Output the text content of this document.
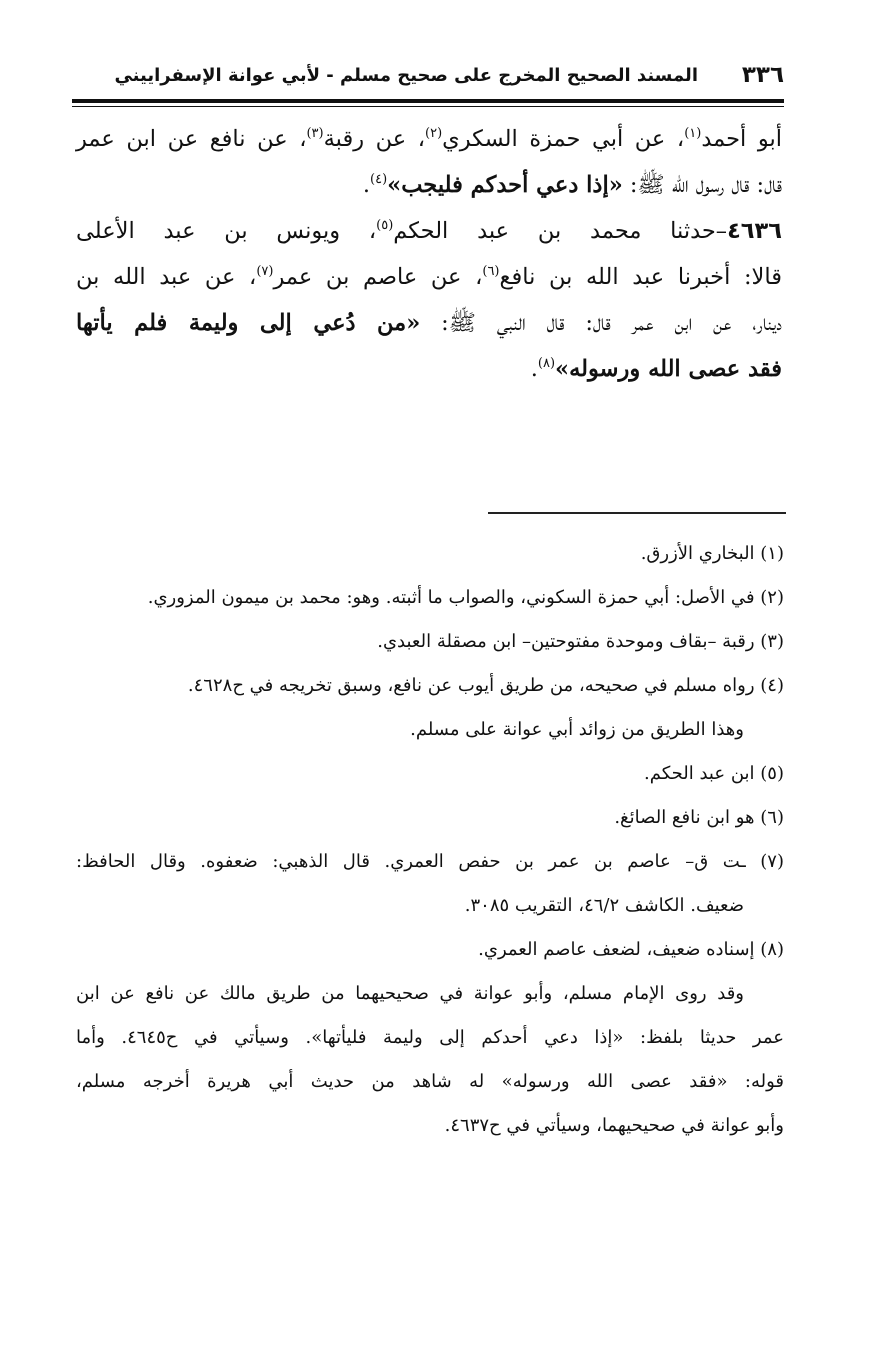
٣٣٦
المسند الصحيح المخرج على صحيح مسلم - لأبي عوانة الإسفراييني
أبو أحمد$^{(١)}$، عن أبي حمزة السكري$^{(٢)}$، عن رقبة$^{(٣)}$، عن نافع عن ابن عمر
قال: قال رسول الله ﷺ: «إذا دعي أحدكم فليجب»$^{(٤)}$.
٤٦٣٦–حدثنا محمد بن عبد الحكم$^{(٥)}$، ويونس بن عبد الأعلى
قالا: أخبرنا عبد الله بن نافع$^{(٦)}$، عن عاصم بن عمر$^{(٧)}$، عن عبد الله بن
دينار، عن ابن عمر قال: قال النبي ﷺ: «من دُعي إلى وليمة فلم يأتها
فقد عصى الله ورسوله»$^{(٨)}$.
(١) البخاري الأزرق.
(٢) في الأصل: أبي حمزة السكوني، والصواب ما أثبته. وهو: محمد بن ميمون المزوري.
(٣) رقبة –بقاف وموحدة مفتوحتين– ابن مصقلة العبدي.
(٤) رواه مسلم في صحيحه، من طريق أيوب عن نافع، وسبق تخريجه في ح٤٦٢٨.
وهذا الطريق من زوائد أبي عوانة على مسلم.
(٥) ابن عبد الحكم.
(٦) هو ابن نافع الصائغ.
(٧) ـت ق– عاصم بن عمر بن حفص العمري. قال الذهبي: ضعفوه. وقال الحافظ:
ضعيف. الكاشف ٤٦/٢، التقريب ٣٠٨٥.
(٨) إسناده ضعيف، لضعف عاصم العمري.
وقد روى الإمام مسلم، وأبو عوانة في صحيحيهما من طريق مالك عن نافع عن ابن
عمر حديثا بلفظ: «إذا دعي أحدكم إلى وليمة فليأتها». وسيأتي في ح٤٦٤٥. وأما
قوله: «فقد عصى الله ورسوله» له شاهد من حديث أبي هريرة أخرجه مسلم،
وأبو عوانة في صحيحيهما، وسيأتي في ح٤٦٣٧.
